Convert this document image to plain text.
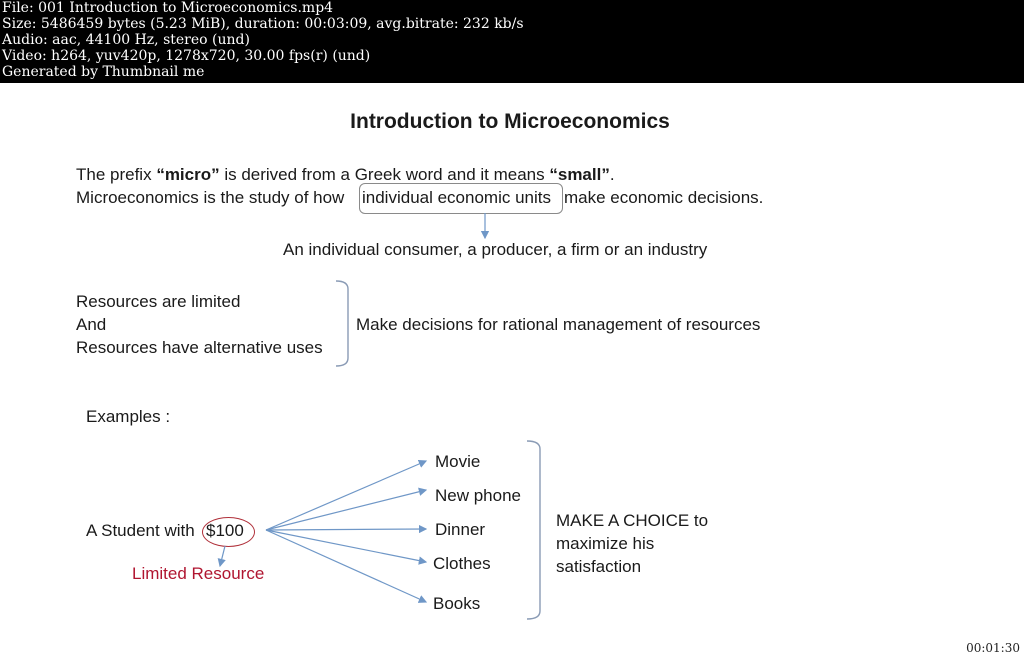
File: 001 Introduction to Microeconomics.mp4
Size: 5486459 bytes (5.23 MiB), duration: 00:03:09, avg.bitrate: 232 kb/s
Audio: aac, 44100 Hz, stereo (und)
Video: h264, yuv420p, 1278x720, 30.00 fps(r) (und)
Generated by Thumbnail me
Introduction to Microeconomics
The prefix “micro” is derived from a Greek word and it means “small”.
Microeconomics is the study of how individual economic units make economic decisions.
An individual consumer, a producer, a firm or an industry
Resources are limited
And
Resources have alternative uses
Make decisions for rational management of resources
Examples :
A Student with $100
Limited Resource
Movie
New phone
Dinner
Clothes
Books
MAKE A CHOICE to
maximize his
satisfaction
00:01:30
